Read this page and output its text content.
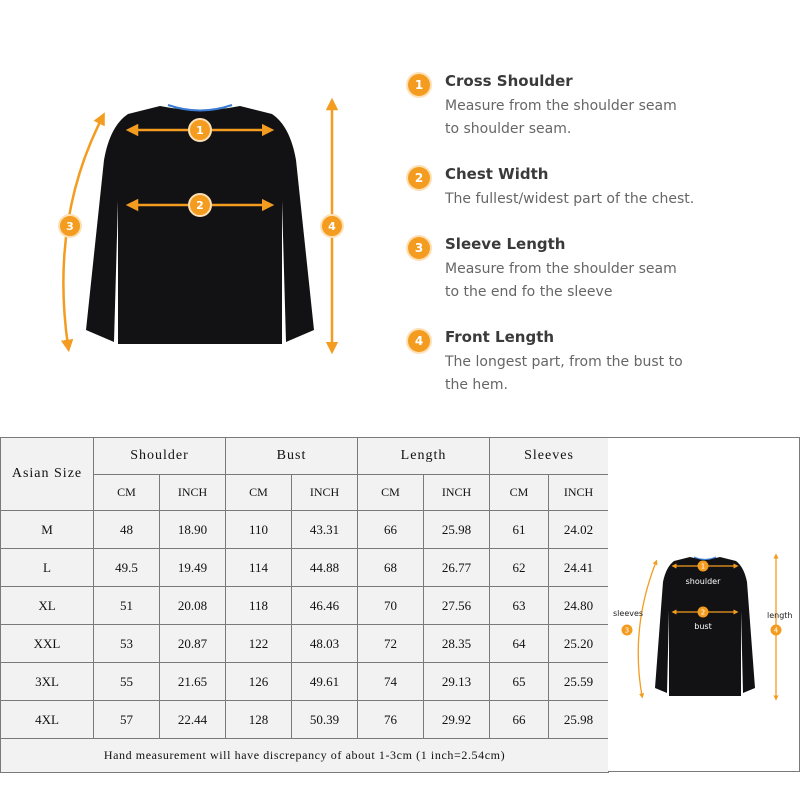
1
2
3	4
1	Cross Shoulder
Measure from the shoulder seam
to shoulder seam.
2	Chest Width
The fullest/widest part of the chest.
3	Sleeve Length
Measure from the shoulder seam
to the end fo the sleeve
4	Front Length
The longest part, from the bust to
the hem.
Asian Size	Shoulder		Bust		Length		Sleeves	
	CM	INCH	CM	INCH	CM	INCH	CM	INCH
M	48	18.90	110	43.31	66	25.98	61	24.02
L	49.5	19.49	114	44.88	68	26.77	62	24.41
XL	51	20.08	118	46.46	70	27.56	63	24.80
XXL	53	20.87	122	48.03	72	28.35	64	25.20
3XL	55	21.65	126	49.61	74	29.13	65	25.59
4XL	57	22.44	128	50.39	76	29.92	66	25.98
Hand measurement will have discrepancy of about 1-3cm (1 inch=2.54cm)								
1
shoulder
2
bust
sleeves
3
length
4
